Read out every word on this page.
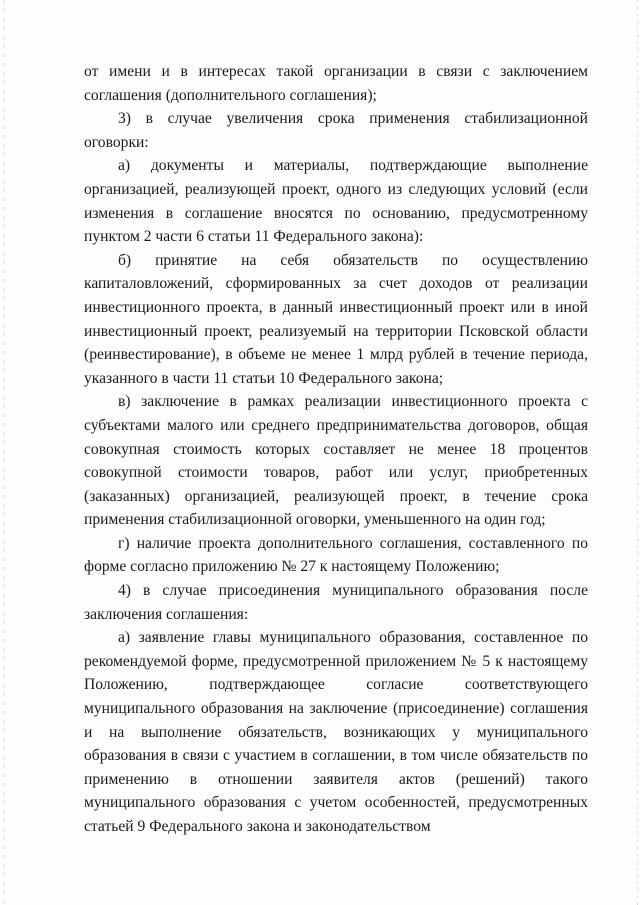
от имени и в интересах такой организации в связи с заключением соглашения (дополнительного соглашения);

3) в случае увеличения срока применения стабилизационной оговорки:

а) документы и материалы, подтверждающие выполнение организацией, реализующей проект, одного из следующих условий (если изменения в соглашение вносятся по основанию, предусмотренному пунктом 2 части 6 статьи 11 Федерального закона):

б) принятие на себя обязательств по осуществлению капиталовложений, сформированных за счет доходов от реализации инвестиционного проекта, в данный инвестиционный проект или в иной инвестиционный проект, реализуемый на территории Псковской области (реинвестирование), в объеме не менее 1 млрд рублей в течение периода, указанного в части 11 статьи 10 Федерального закона;

в) заключение в рамках реализации инвестиционного проекта с субъектами малого или среднего предпринимательства договоров, общая совокупная стоимость которых составляет не менее 18 процентов совокупной стоимости товаров, работ или услуг, приобретенных (заказанных) организацией, реализующей проект, в течение срока применения стабилизационной оговорки, уменьшенного на один год;

г) наличие проекта дополнительного соглашения, составленного по форме согласно приложению № 27 к настоящему Положению;

4) в случае присоединения муниципального образования после заключения соглашения:

а) заявление главы муниципального образования, составленное по рекомендуемой форме, предусмотренной приложением № 5 к настоящему Положению, подтверждающее согласие соответствующего муниципального образования на заключение (присоединение) соглашения и на выполнение обязательств, возникающих у муниципального образования в связи с участием в соглашении, в том числе обязательств по применению в отношении заявителя актов (решений) такого муниципального образования с учетом особенностей, предусмотренных статьей 9 Федерального закона и законодательством
